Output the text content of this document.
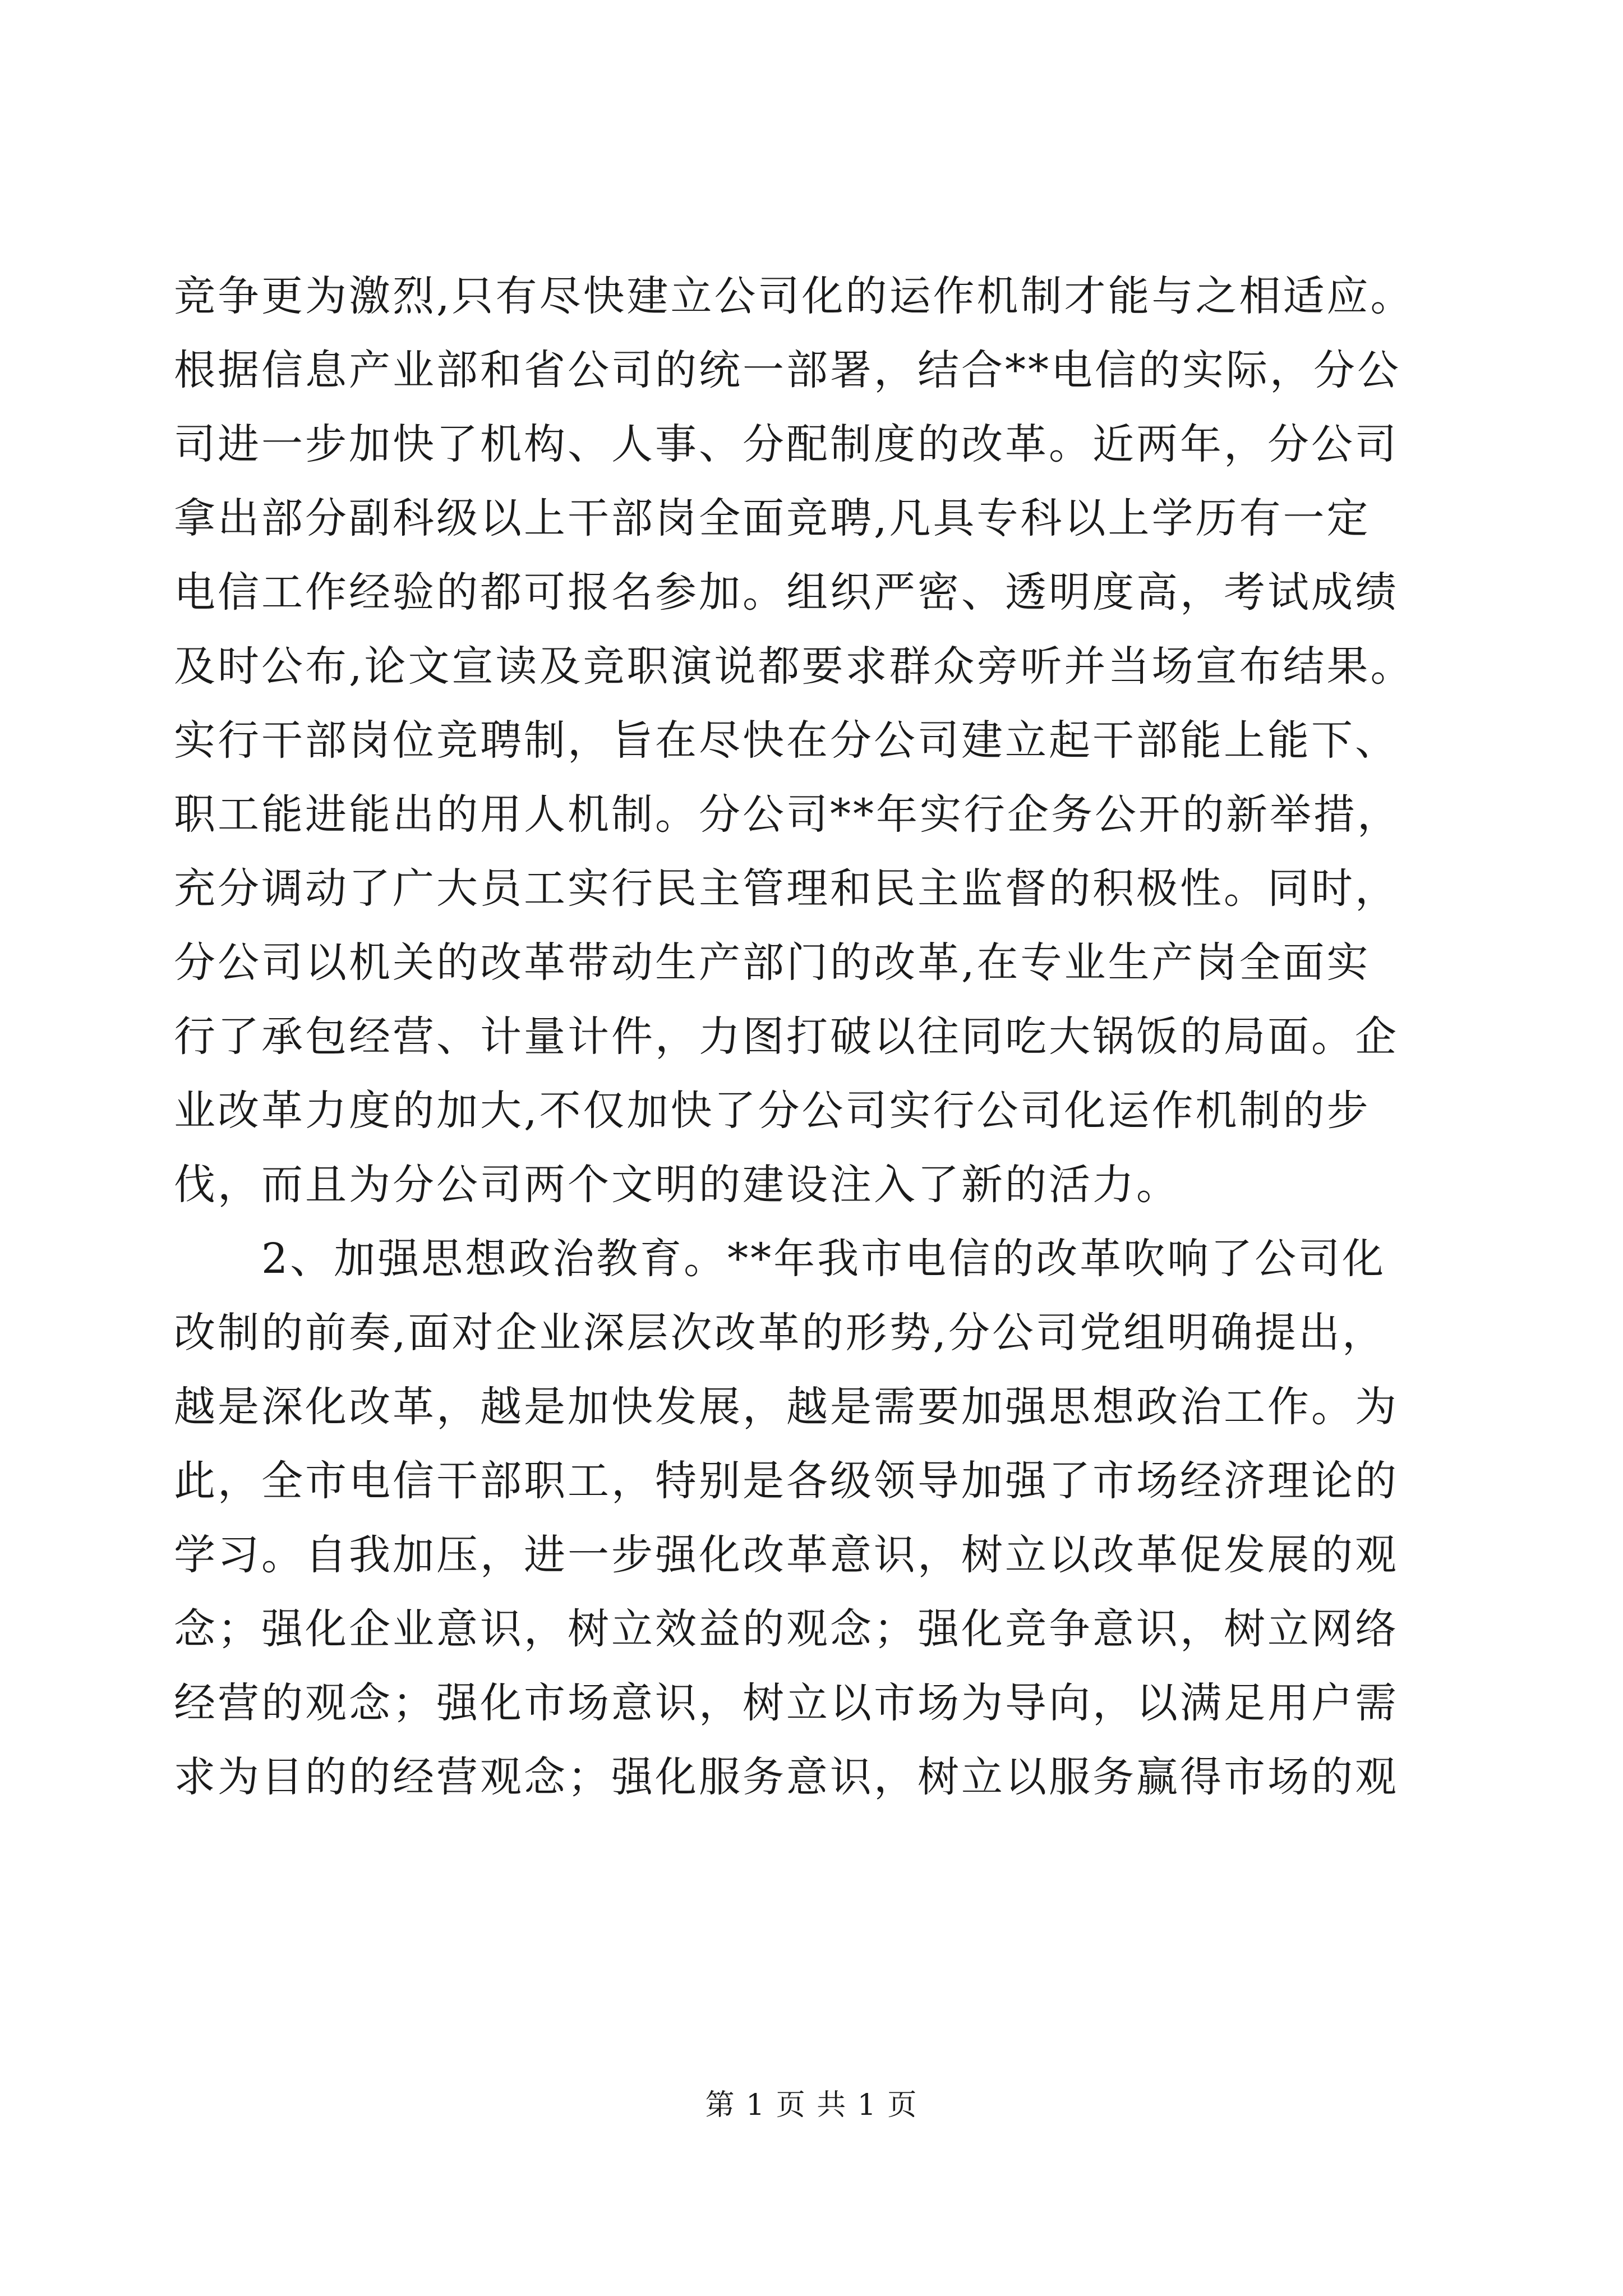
竞争更为激烈,只有尽快建立公司化的运作机制才能与之相适应。
根据信息产业部和省公司的统一部署，结合**电信的实际，分公
司进一步加快了机构、人事、分配制度的改革。近两年，分公司
拿出部分副科级以上干部岗全面竞聘,凡具专科以上学历有一定
电信工作经验的都可报名参加。组织严密、透明度高，考试成绩
及时公布,论文宣读及竞职演说都要求群众旁听并当场宣布结果。
实行干部岗位竞聘制，旨在尽快在分公司建立起干部能上能下、
职工能进能出的用人机制。分公司**年实行企务公开的新举措，
充分调动了广大员工实行民主管理和民主监督的积极性。同时，
分公司以机关的改革带动生产部门的改革,在专业生产岗全面实
行了承包经营、计量计件，力图打破以往同吃大锅饭的局面。企
业改革力度的加大,不仅加快了分公司实行公司化运作机制的步
伐，而且为分公司两个文明的建设注入了新的活力。
　　2、加强思想政治教育。**年我市电信的改革吹响了公司化
改制的前奏,面对企业深层次改革的形势,分公司党组明确提出，
越是深化改革，越是加快发展，越是需要加强思想政治工作。为
此，全市电信干部职工，特别是各级领导加强了市场经济理论的
学习。自我加压，进一步强化改革意识，树立以改革促发展的观
念；强化企业意识，树立效益的观念；强化竞争意识，树立网络
经营的观念；强化市场意识，树立以市场为导向，以满足用户需
求为目的的经营观念；强化服务意识，树立以服务赢得市场的观
第 1 页 共 1 页
